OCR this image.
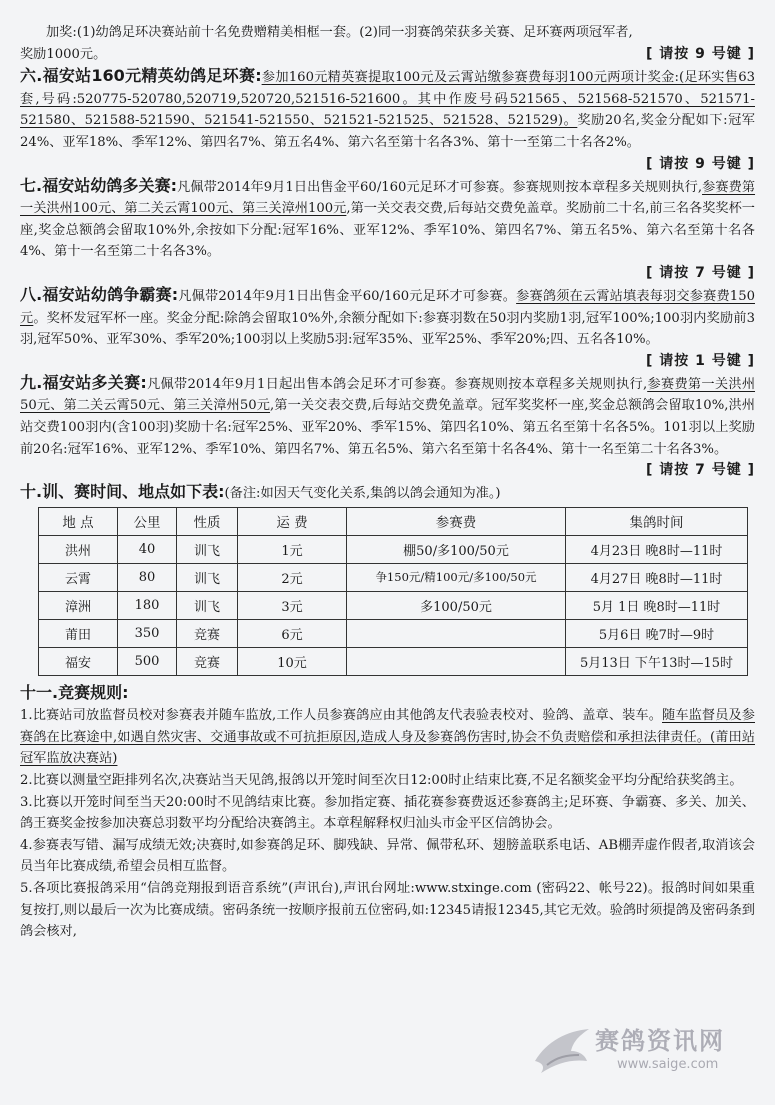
加奖:(1)幼鸽足环决赛站前十名免费赠精美相框一套。(2)同一羽赛鸽荣获多关赛、足环赛两项冠军者,

奖励1000元。	[ 请按 9 号键 ]

六.福安站160元精英幼鸽足环赛:参加160元精英赛提取100元及云霄站缴参赛费每羽100元两项计奖金:(足环实售63套,号码:520775-520780,520719,520720,521516-521600。其中作废号码521565、521568-521570、521571-521580、521588-521590、521541-521550、521521-521525、521528、521529)。奖励20名,奖金分配如下:冠军24%、亚军18%、季军12%、第四名7%、第五名4%、第六名至第十名各3%、第十一至第二十名各2%。

[ 请按 9 号键 ]

七.福安站幼鸽多关赛:凡佩带2014年9月1日出售金平60/160元足环才可参赛。参赛规则按本章程多关规则执行,参赛费第一关洪州100元、第二关云霄100元、第三关漳州100元,第一关交表交费,后每站交费免盖章。奖励前二十名,前三名各奖奖杯一座,奖金总额鸽会留取10%外,余按如下分配:冠军16%、亚军12%、季军10%、第四名7%、第五名5%、第六名至第十名各4%、第十一名至第二十名各3%。

[ 请按 7 号键 ]

八.福安站幼鸽争霸赛:凡佩带2014年9月1日出售金平60/160元足环才可参赛。参赛鸽须在云霄站填表每羽交参赛费150元。奖杯发冠军杯一座。奖金分配:除鸽会留取10%外,余额分配如下:参赛羽数在50羽内奖励1羽,冠军100%;100羽内奖励前3羽,冠军50%、亚军30%、季军20%;100羽以上奖励5羽:冠军35%、亚军25%、季军20%;四、五名各10%。

[ 请按 1 号键 ]

九.福安站多关赛:凡佩带2014年9月1日起出售本鸽会足环才可参赛。参赛规则按本章程多关规则执行,参赛费第一关洪州50元、第二关云霄50元、第三关漳州50元,第一关交表交费,后每站交费免盖章。冠军奖奖杯一座,奖金总额鸽会留取10%,洪州站交费100羽内(含100羽)奖励十名:冠军25%、亚军20%、季军15%、第四名10%、第五名至第十名各5%。101羽以上奖励前20名:冠军16%、亚军12%、季军10%、第四名7%、第五名5%、第六名至第十名各4%、第十一名至第二十名各3%。

[ 请按 7 号键 ]

十.训、赛时间、地点如下表:(备注:如因天气变化关系,集鸽以鸽会通知为准。)

地 点	公里	性质	运 费	参赛费	集鸽时间
洪州	40	训飞	1元	棚50/多100/50元	4月23日 晚8时—11时
云霄	80	训飞	2元	争150元/精100元/多100/50元	4月27日 晚8时—11时
漳洲	180	训飞	3元	多100/50元	5月 1日 晚8时—11时
莆田	350	竞赛	6元		5月6日 晚7时—9时
福安	500	竞赛	10元		5月13日 下午13时—15时

十一.竞赛规则:

1.比赛站司放监督员校对参赛表并随车监放,工作人员参赛鸽应由其他鸽友代表验表校对、验鸽、盖章、装车。随车监督员及参赛鸽在比赛途中,如遇自然灾害、交通事故或不可抗拒原因,造成人身及参赛鸽伤害时,协会不负责赔偿和承担法律责任。(莆田站冠军监放决赛站)

2.比赛以测量空距排列名次,决赛站当天见鸽,报鸽以开笼时间至次日12:00时止结束比赛,不足名额奖金平均分配给获奖鸽主。

3.比赛以开笼时间至当天20:00时不见鸽结束比赛。参加指定赛、插花赛参赛费返还参赛鸽主;足环赛、争霸赛、多关、加关、鸽王赛奖金按参加决赛总羽数平均分配给决赛鸽主。本章程解释权归汕头市金平区信鸽协会。

4.参赛表写错、漏写成绩无效;决赛时,如参赛鸽足环、脚残缺、异常、佩带私环、翅膀盖联系电话、AB棚弄虚作假者,取消该会员当年比赛成绩,希望会员相互监督。

5.各项比赛报鸽采用“信鸽竞翔报到语音系统”(声讯台),声讯台网址:www.stxinge.com (密码22、帐号22)。报鸽时间如果重复按打,则以最后一次为比赛成绩。密码条统一按顺序报前五位密码,如:12345请报12345,其它无效。验鸽时须提鸽及密码条到鸽会核对,

赛鸽资讯网
www.saige.com
